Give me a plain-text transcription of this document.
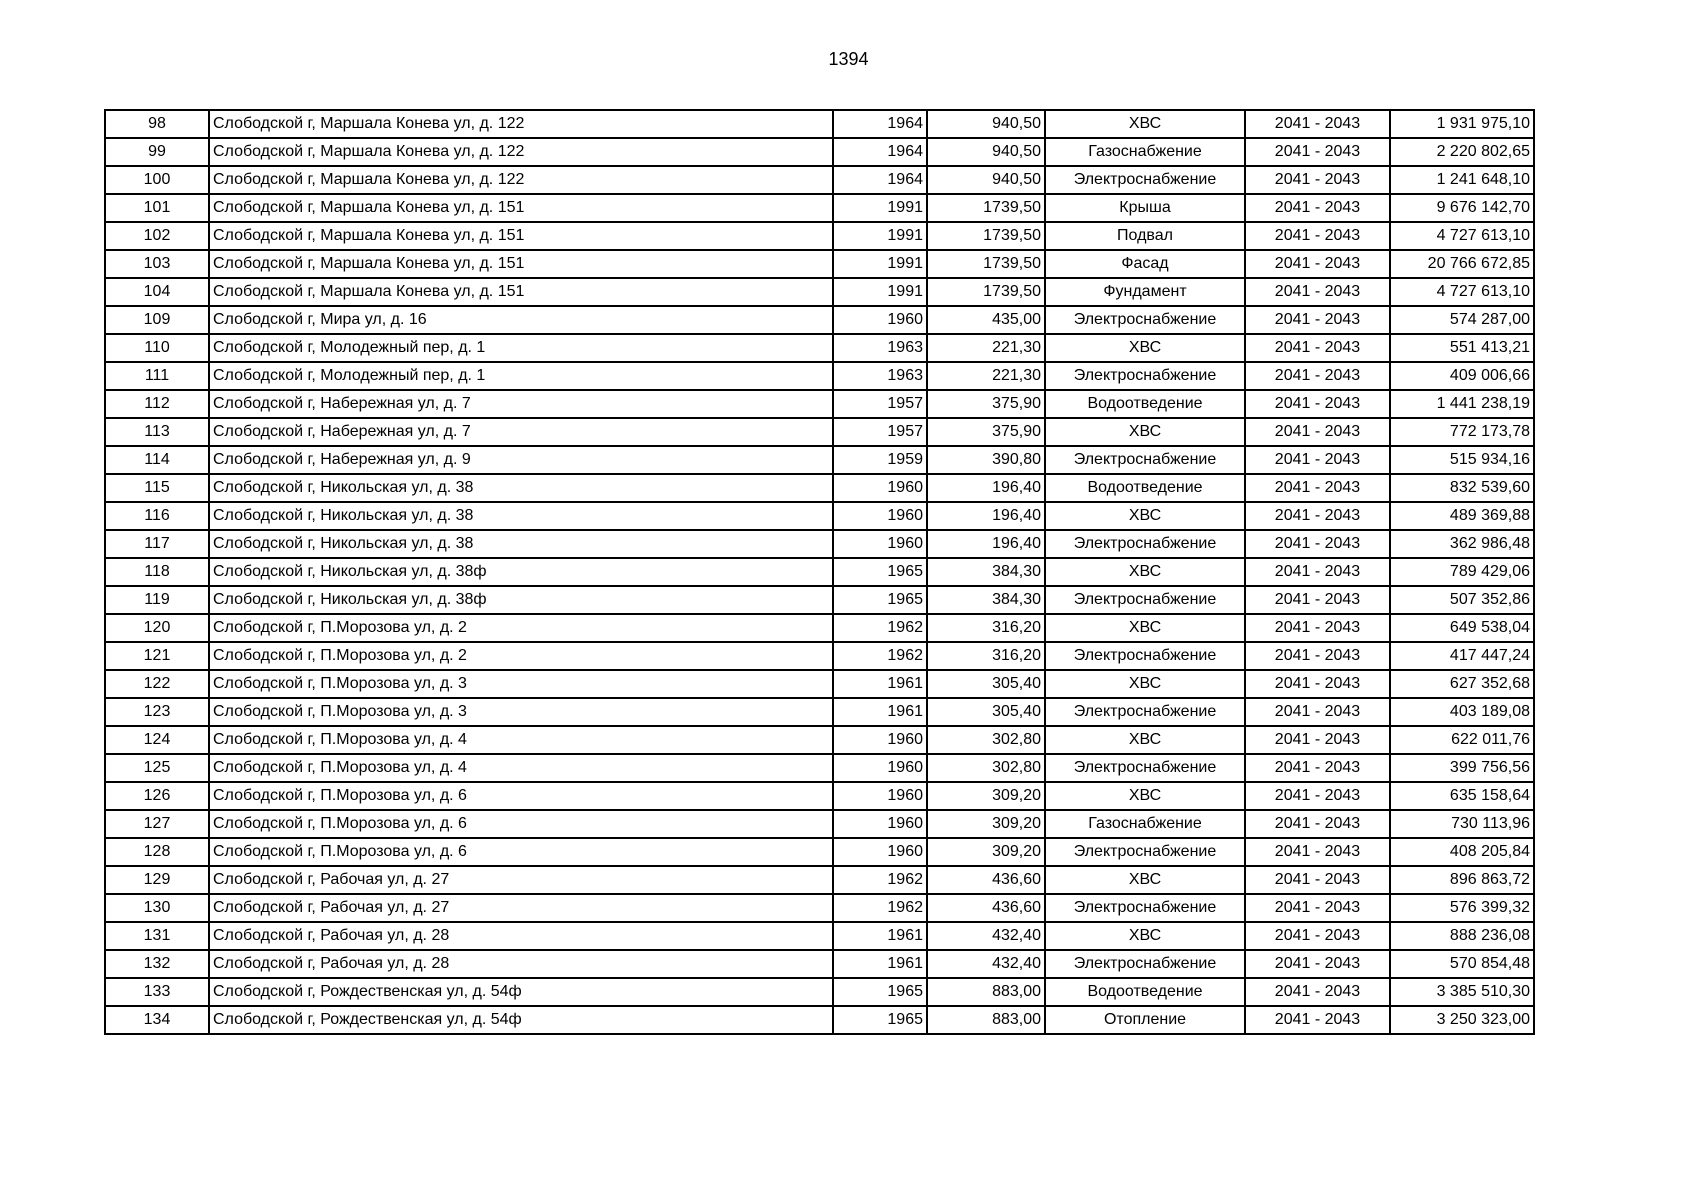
1394
98	Слободской г, Маршала Конева ул, д. 122	1964	940,50	ХВС	2041 - 2043	1 931 975,10
99	Слободской г, Маршала Конева ул, д. 122	1964	940,50	Газоснабжение	2041 - 2043	2 220 802,65
100	Слободской г, Маршала Конева ул, д. 122	1964	940,50	Электроснабжение	2041 - 2043	1 241 648,10
101	Слободской г, Маршала Конева ул, д. 151	1991	1739,50	Крыша	2041 - 2043	9 676 142,70
102	Слободской г, Маршала Конева ул, д. 151	1991	1739,50	Подвал	2041 - 2043	4 727 613,10
103	Слободской г, Маршала Конева ул, д. 151	1991	1739,50	Фасад	2041 - 2043	20 766 672,85
104	Слободской г, Маршала Конева ул, д. 151	1991	1739,50	Фундамент	2041 - 2043	4 727 613,10
109	Слободской г, Мира ул, д. 16	1960	435,00	Электроснабжение	2041 - 2043	574 287,00
110	Слободской г, Молодежный пер, д. 1	1963	221,30	ХВС	2041 - 2043	551 413,21
111	Слободской г, Молодежный пер, д. 1	1963	221,30	Электроснабжение	2041 - 2043	409 006,66
112	Слободской г, Набережная ул, д. 7	1957	375,90	Водоотведение	2041 - 2043	1 441 238,19
113	Слободской г, Набережная ул, д. 7	1957	375,90	ХВС	2041 - 2043	772 173,78
114	Слободской г, Набережная ул, д. 9	1959	390,80	Электроснабжение	2041 - 2043	515 934,16
115	Слободской г, Никольская ул, д. 38	1960	196,40	Водоотведение	2041 - 2043	832 539,60
116	Слободской г, Никольская ул, д. 38	1960	196,40	ХВС	2041 - 2043	489 369,88
117	Слободской г, Никольская ул, д. 38	1960	196,40	Электроснабжение	2041 - 2043	362 986,48
118	Слободской г, Никольская ул, д. 38ф	1965	384,30	ХВС	2041 - 2043	789 429,06
119	Слободской г, Никольская ул, д. 38ф	1965	384,30	Электроснабжение	2041 - 2043	507 352,86
120	Слободской г, П.Морозова ул, д. 2	1962	316,20	ХВС	2041 - 2043	649 538,04
121	Слободской г, П.Морозова ул, д. 2	1962	316,20	Электроснабжение	2041 - 2043	417 447,24
122	Слободской г, П.Морозова ул, д. 3	1961	305,40	ХВС	2041 - 2043	627 352,68
123	Слободской г, П.Морозова ул, д. 3	1961	305,40	Электроснабжение	2041 - 2043	403 189,08
124	Слободской г, П.Морозова ул, д. 4	1960	302,80	ХВС	2041 - 2043	622 011,76
125	Слободской г, П.Морозова ул, д. 4	1960	302,80	Электроснабжение	2041 - 2043	399 756,56
126	Слободской г, П.Морозова ул, д. 6	1960	309,20	ХВС	2041 - 2043	635 158,64
127	Слободской г, П.Морозова ул, д. 6	1960	309,20	Газоснабжение	2041 - 2043	730 113,96
128	Слободской г, П.Морозова ул, д. 6	1960	309,20	Электроснабжение	2041 - 2043	408 205,84
129	Слободской г, Рабочая ул, д. 27	1962	436,60	ХВС	2041 - 2043	896 863,72
130	Слободской г, Рабочая ул, д. 27	1962	436,60	Электроснабжение	2041 - 2043	576 399,32
131	Слободской г, Рабочая ул, д. 28	1961	432,40	ХВС	2041 - 2043	888 236,08
132	Слободской г, Рабочая ул, д. 28	1961	432,40	Электроснабжение	2041 - 2043	570 854,48
133	Слободской г, Рождественская ул, д. 54ф	1965	883,00	Водоотведение	2041 - 2043	3 385 510,30
134	Слободской г, Рождественская ул, д. 54ф	1965	883,00	Отопление	2041 - 2043	3 250 323,00
